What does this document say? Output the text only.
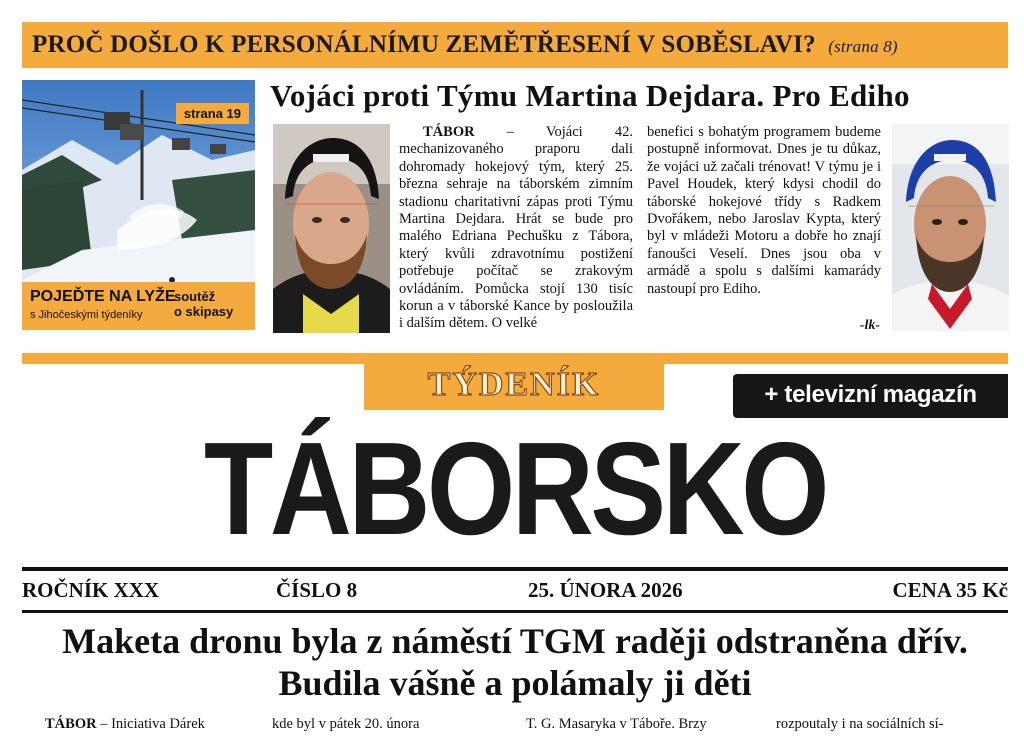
PROČ DOŠLO K PERSONÁLNÍMU ZEMĚTŘESENÍ V SOBĚSLAVI? (strana 8)
strana 19
POJEĎTE NA LYŽE
s Jihočeskými týdeníky
soutěž
o skipasy
Vojáci proti Týmu Martina Dejdara. Pro Ediho
TÁBOR – Vojáci 42. mechanizovaného praporu dali dohromady hokejový tým, který 25. března sehraje na táborském zimním stadionu charitativní zápas proti Týmu Martina Dejdara. Hrát se bude pro malého Edriana Pechušku z Tábora, který kvůli zdravotnímu postižení potřebuje počítač se zrakovým ovládáním. Pomůcka stojí 130 tisíc korun a v táborské Kance by posloužila i dalším dětem. O velké
benefici s bohatým programem budeme postupně informovat. Dnes je tu důkaz, že vojáci už začali trénovat! V týmu je i Pavel Houdek, který kdysi chodil do táborské hokejové třídy s Radkem Dvořákem, nebo Jaroslav Kypta, který byl v mládeži Motoru a dobře ho znají fanoušci Veselí. Dnes jsou oba v armádě a spolu s dalšími kamarády nastoupí pro Ediho.
-lk-
TÝDENÍK	+ televizní magazín
TÁBORSKO
ROČNÍK XXX	ČÍSLO 8	25. ÚNORA 2026	CENA 35 Kč
Maketa dronu byla z náměstí TGM raději odstraněna dřív.
Budila vášně a polámaly ji děti
TÁBOR – Iniciativa Dárek	kde byl v pátek 20. února	T. G. Masaryka v Táboře. Brzy	rozpoutaly i na sociálních sí-
